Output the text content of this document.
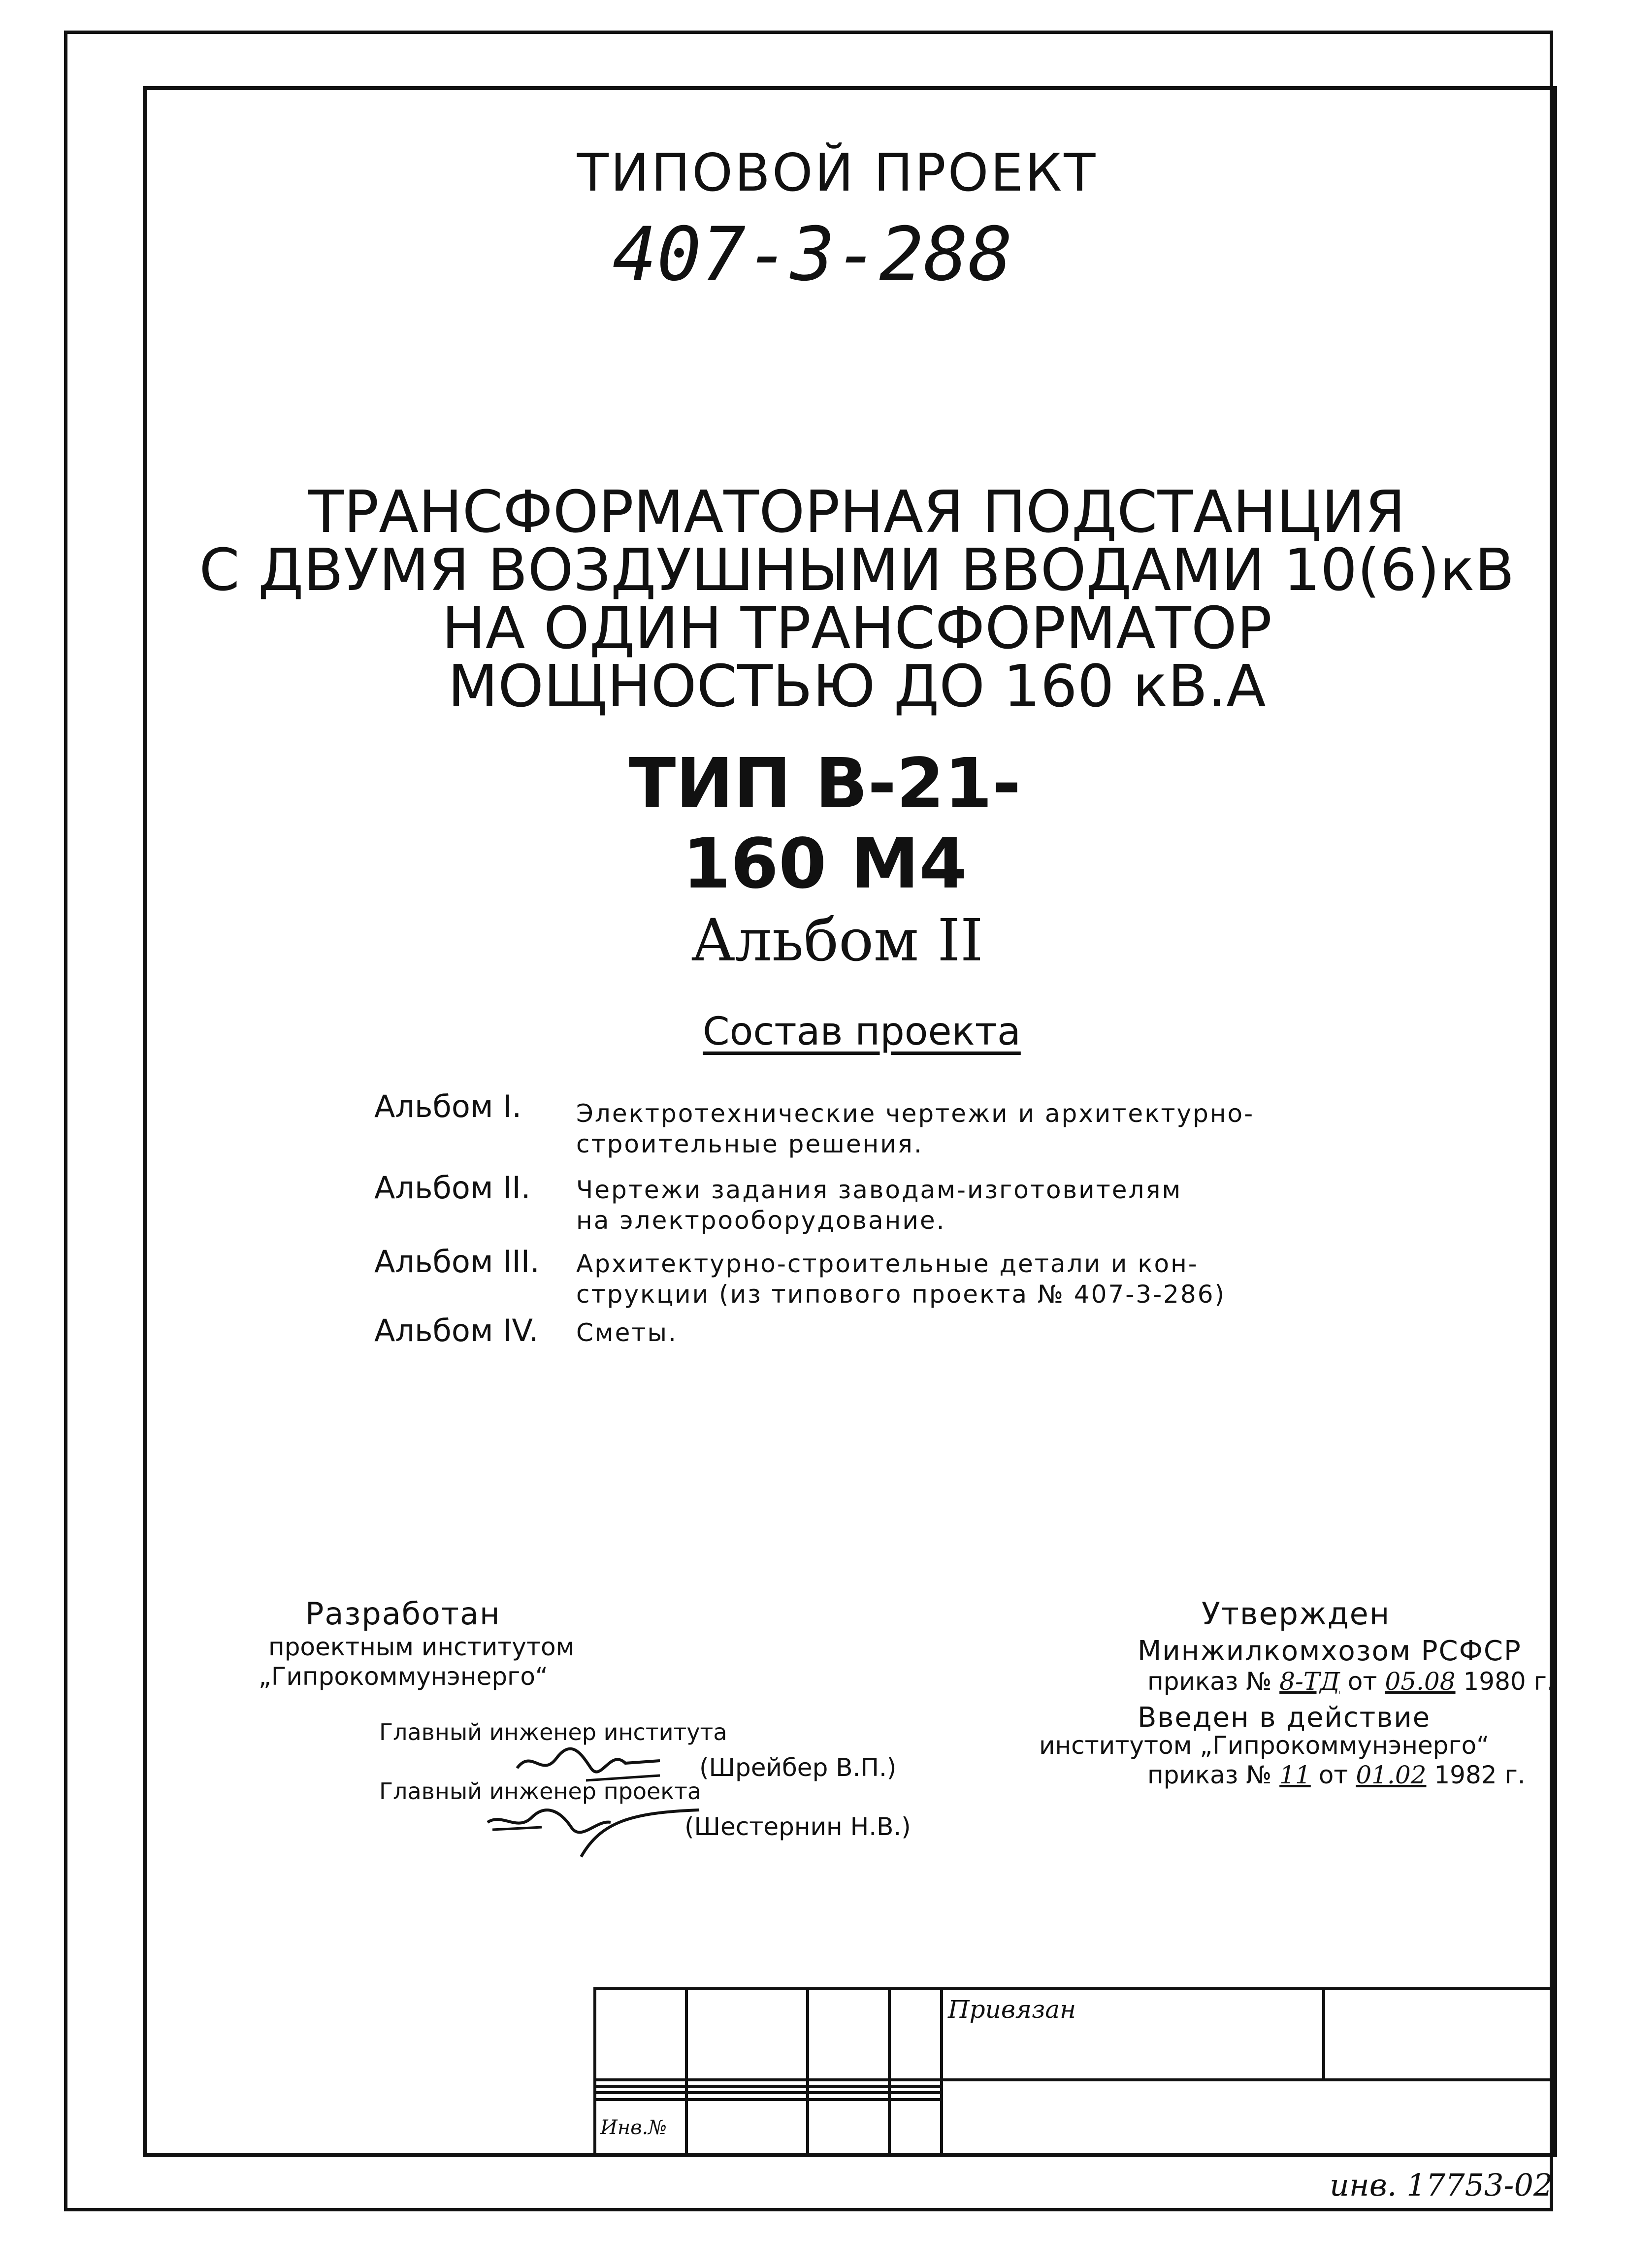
ТИПОВОЙ ПРОЕКТ
407-3-288
ТРАНСФОРМАТОРНАЯ ПОДСТАНЦИЯ
С ДВУМЯ ВОЗДУШНЫМИ ВВОДАМИ 10(6)кВ
НА ОДИН ТРАНСФОРМАТОР
МОЩНОСТЬЮ ДО 160 кВ.А
ТИП В-21-160 М4
Альбом II
Состав проекта
Альбом I. Электротехнические чертежи и архитектурно-
строительные решения.
Альбом II. Чертежи задания заводам-изготовителям
на электрооборудование.
Альбом III. Архитектурно-строительные детали и кон-
струкции (из типового проекта № 407-3-286)
Альбом IV. Сметы.
Разработан
проектным институтом
„Гипрокоммунэнерго“
Главный инженер института
(Шрейбер В.П.)
Главный инженер проекта
(Шестернин Н.В.)
Утвержден
Минжилкомхозом РСФСР
приказ № 8-ТД от 05.08 1980 г.
Введен в действие
институтом „Гипрокоммунэнерго“
приказ № 11 от 01.02 1982 г.
				Привязан	

Инв.№					
инв. 17753-02
